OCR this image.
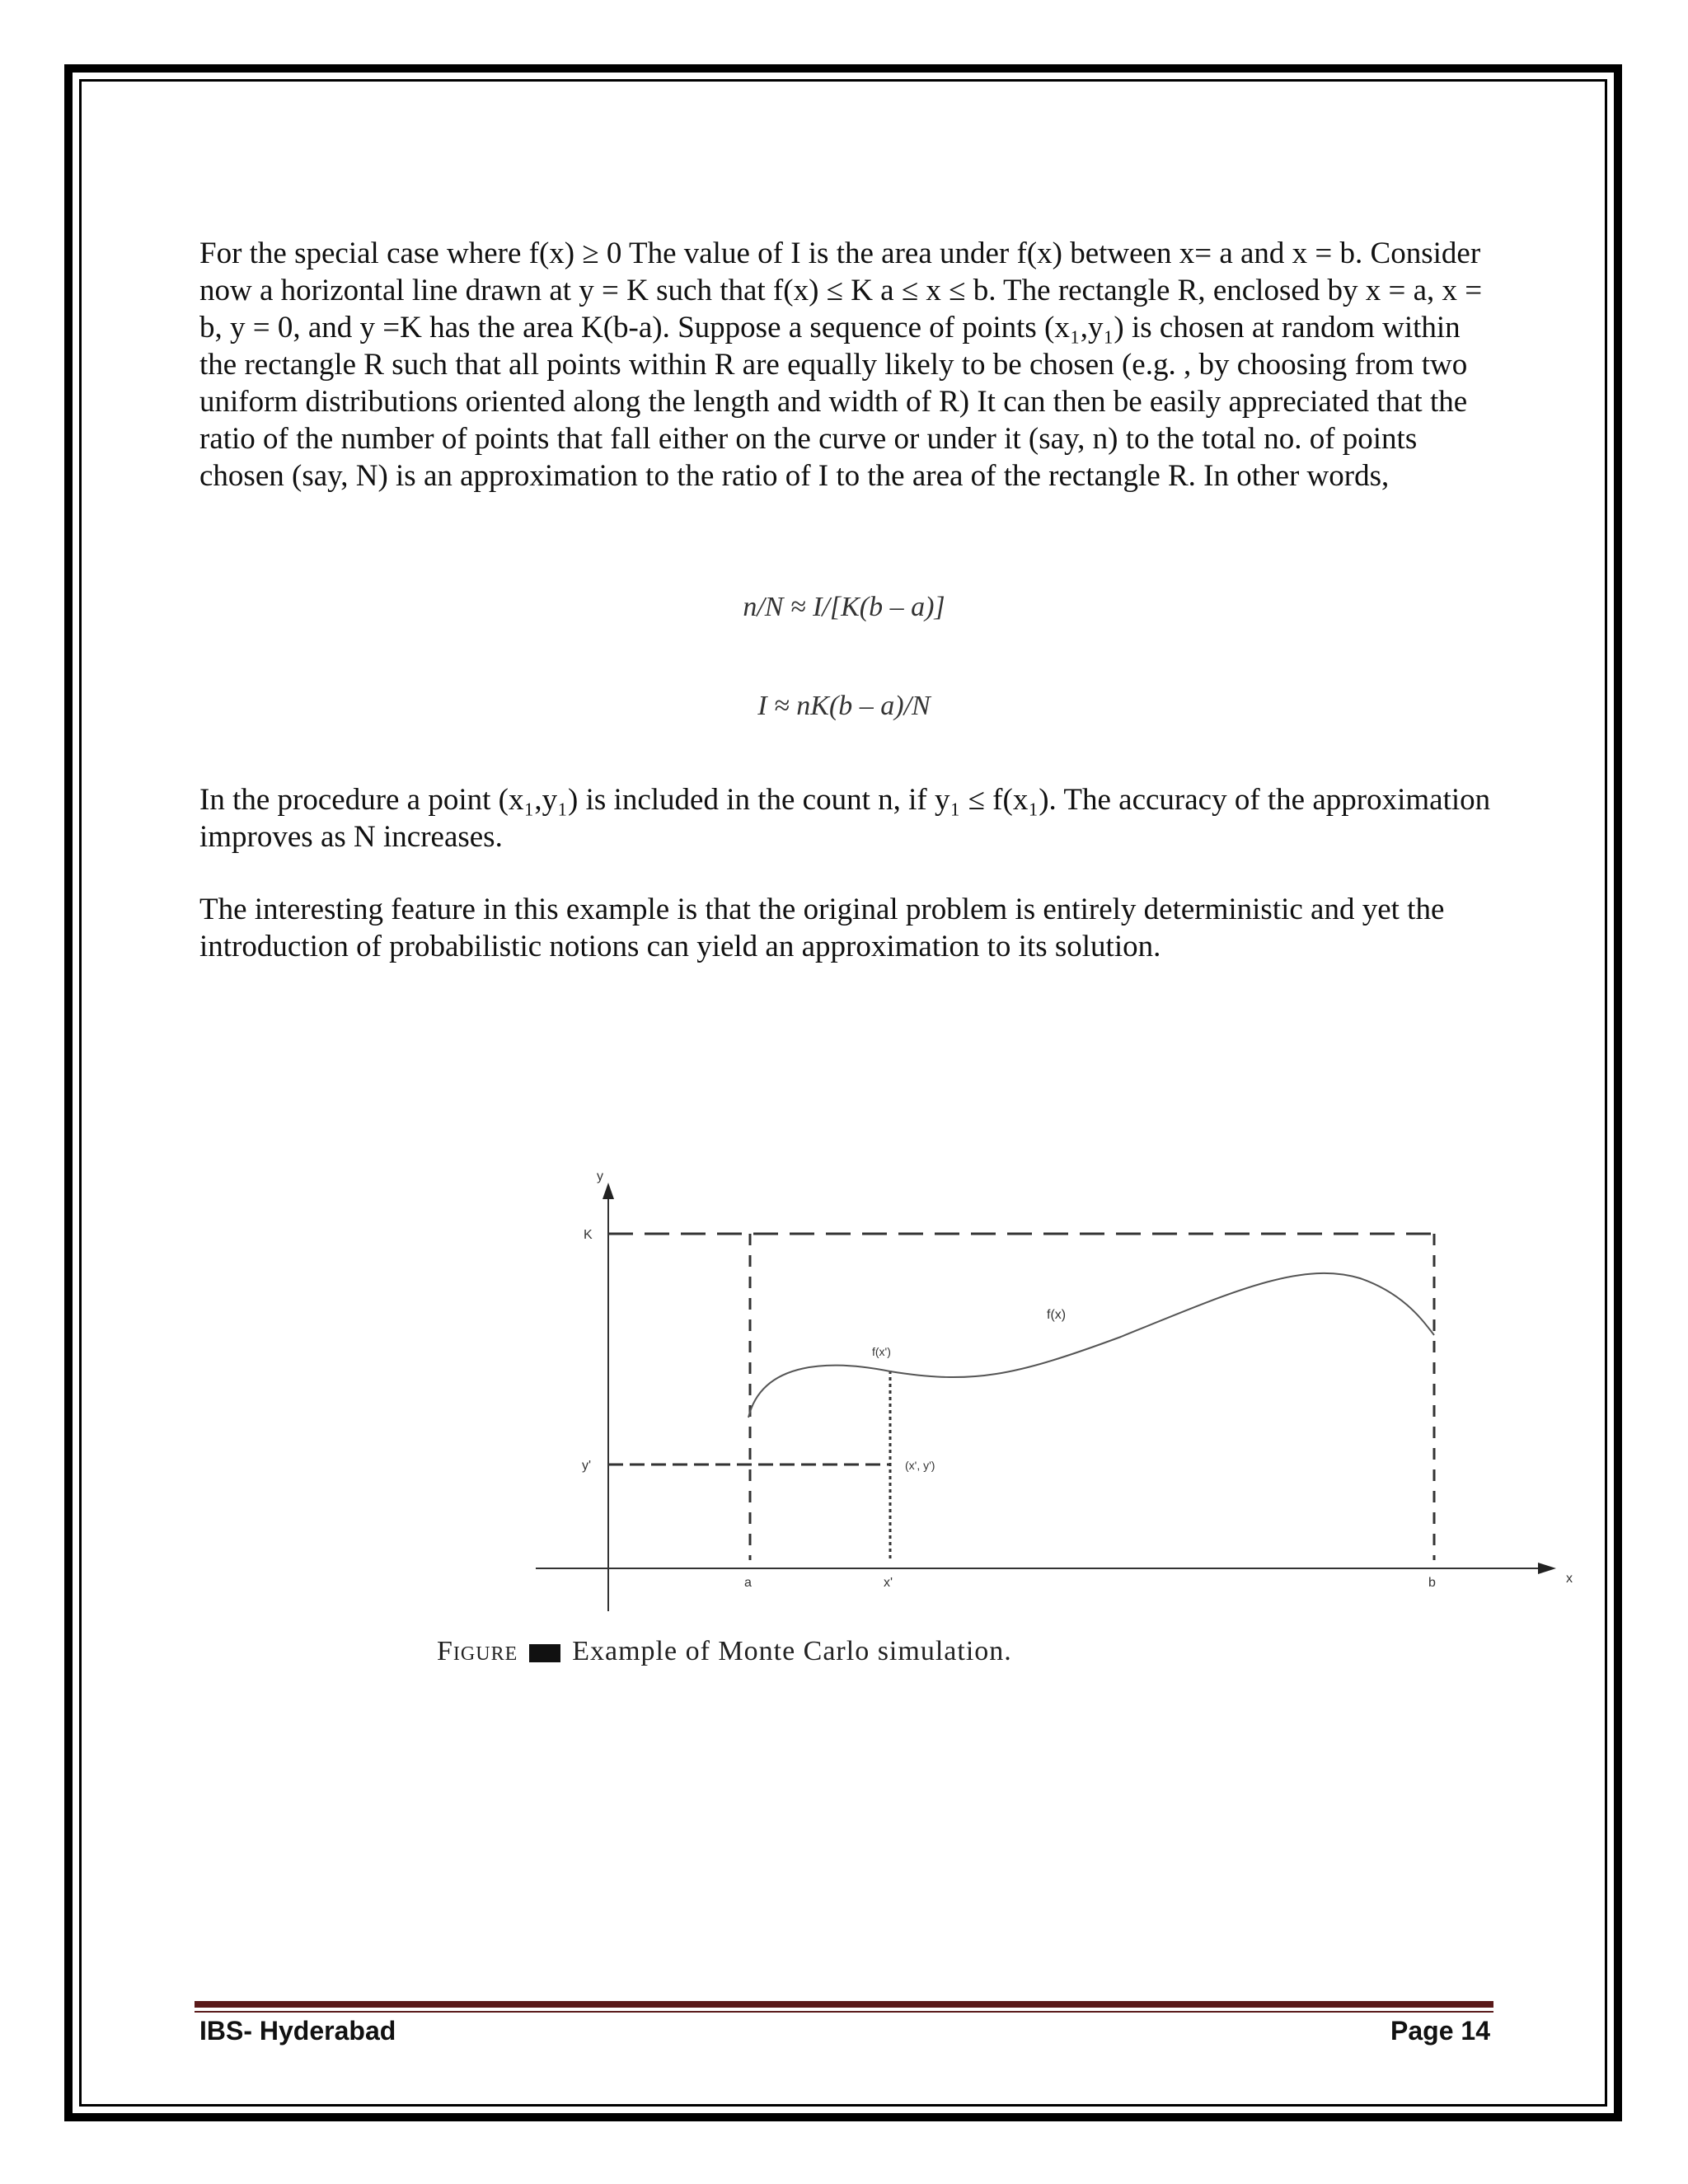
For the special case where f(x) ≥ 0 The value of I is the area under f(x) between x= a and x = b. Consider now a horizontal line drawn at y = K such that f(x) ≤ K a ≤ x ≤ b. The rectangle R, enclosed by x = a, x = b, y = 0, and y =K has the area K(b-a). Suppose a sequence of points (x₁,y₁) is chosen at random within the rectangle R such that all points within R are equally likely to be chosen (e.g. , by choosing from two uniform distributions oriented along the length and width of R) It can then be easily appreciated that the ratio of the number of points that fall either on the curve or under it (say, n) to the total no. of points chosen (say, N) is an approximation to the ratio of I to the area of the rectangle R. In other words,

n/N ≈ I/[K(b – a)]
I ≈ nK(b – a)/N

In the procedure a point (x₁,y₁) is included in the count n, if y₁ ≤ f(x₁). The accuracy of the approximation improves as N increases.

The interesting feature in this example is that the original problem is entirely deterministic and yet the introduction of probabilistic notions can yield an approximation to its solution.

y
x
K
y'
a	x'	b
f(x)
f(x')
(x', y')
Figure Example of Monte Carlo simulation.
IBS- Hyderabad	Page 14
